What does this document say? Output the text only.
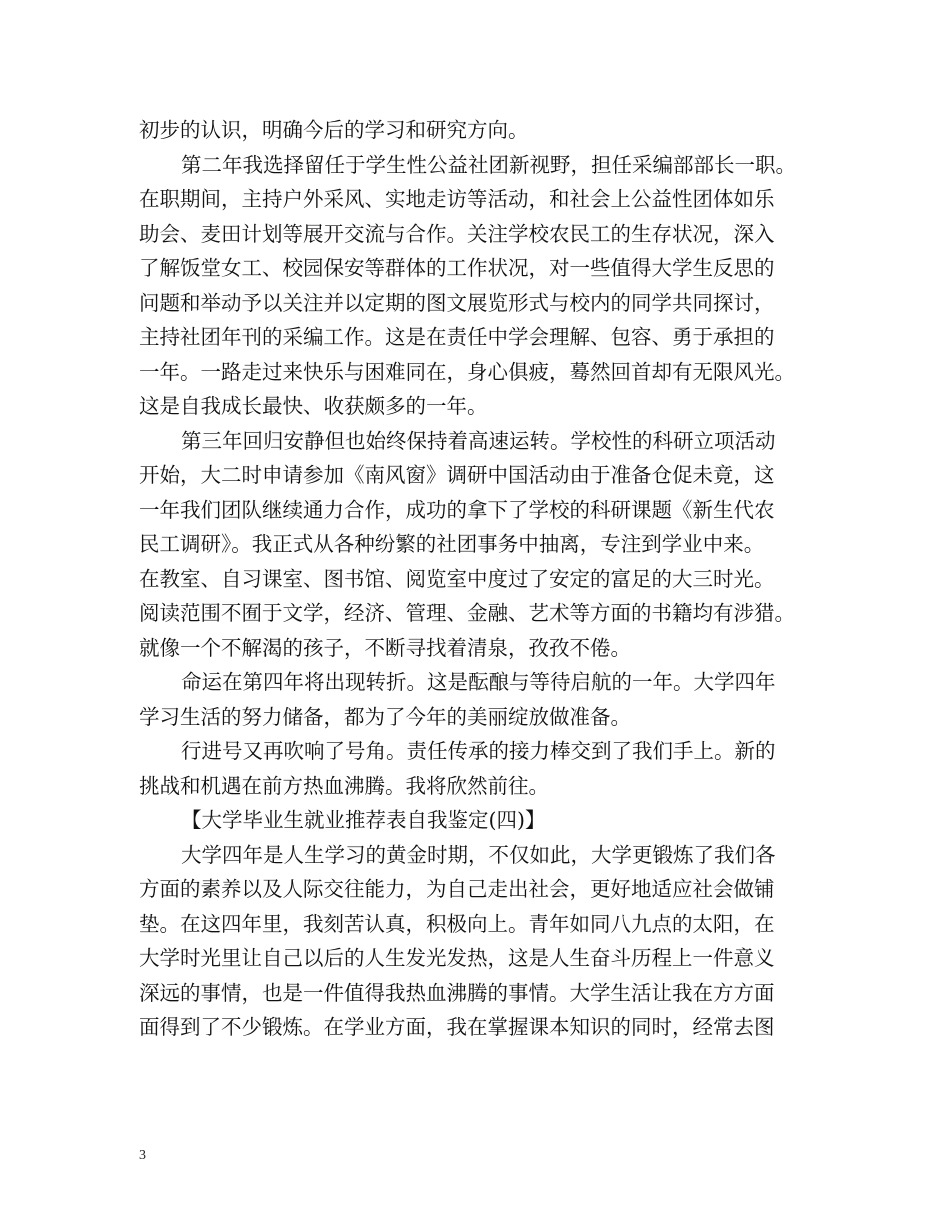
初步的认识，明确今后的学习和研究方向。
第二年我选择留任于学生性公益社团新视野，担任采编部部长一职。
在职期间，主持户外采风、实地走访等活动，和社会上公益性团体如乐
助会、麦田计划等展开交流与合作。关注学校农民工的生存状况，深入
了解饭堂女工、校园保安等群体的工作状况，对一些值得大学生反思的
问题和举动予以关注并以定期的图文展览形式与校内的同学共同探讨，
主持社团年刊的采编工作。这是在责任中学会理解、包容、勇于承担的
一年。一路走过来快乐与困难同在，身心俱疲，蓦然回首却有无限风光。
这是自我成长最快、收获颇多的一年。
第三年回归安静但也始终保持着高速运转。学校性的科研立项活动
开始，大二时申请参加《南风窗》调研中国活动由于准备仓促未竟，这
一年我们团队继续通力合作，成功的拿下了学校的科研课题《新生代农
民工调研》。我正式从各种纷繁的社团事务中抽离，专注到学业中来。
在教室、自习课室、图书馆、阅览室中度过了安定的富足的大三时光。
阅读范围不囿于文学，经济、管理、金融、艺术等方面的书籍均有涉猎。
就像一个不解渴的孩子，不断寻找着清泉，孜孜不倦。
命运在第四年将出现转折。这是酝酿与等待启航的一年。大学四年
学习生活的努力储备，都为了今年的美丽绽放做准备。
行进号又再吹响了号角。责任传承的接力棒交到了我们手上。新的
挑战和机遇在前方热血沸腾。我将欣然前往。
【大学毕业生就业推荐表自我鉴定(四)】
大学四年是人生学习的黄金时期，不仅如此，大学更锻炼了我们各
方面的素养以及人际交往能力，为自己走出社会，更好地适应社会做铺
垫。在这四年里，我刻苦认真，积极向上。青年如同八九点的太阳，在
大学时光里让自己以后的人生发光发热，这是人生奋斗历程上一件意义
深远的事情，也是一件值得我热血沸腾的事情。大学生活让我在方方面
面得到了不少锻炼。在学业方面，我在掌握课本知识的同时，经常去图
3
